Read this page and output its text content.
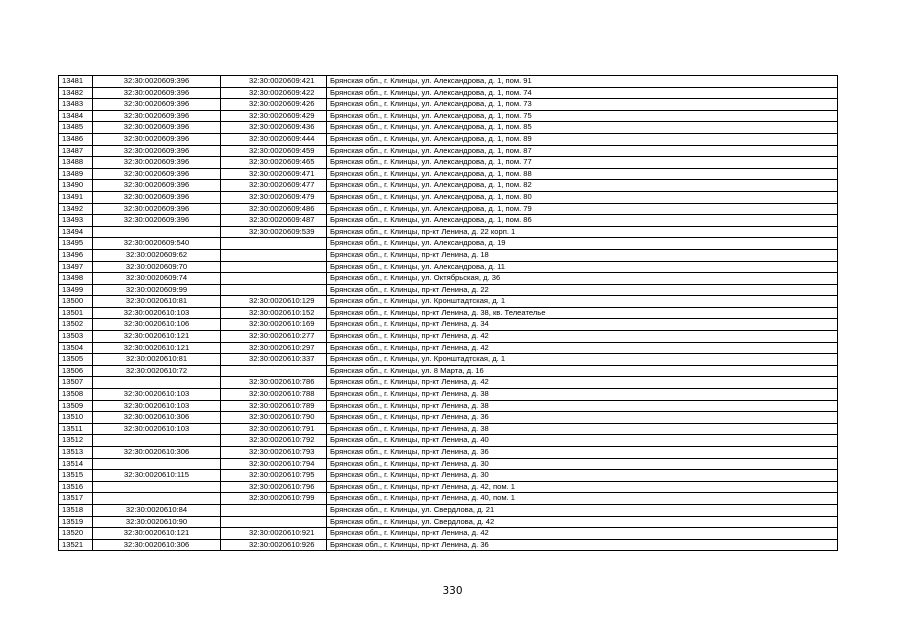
13481	32:30:0020609:396	32:30:0020609:421	Брянская обл., г. Клинцы, ул. Александрова, д. 1, пом. 91
13482	32:30:0020609:396	32:30:0020609:422	Брянская обл., г. Клинцы, ул. Александрова, д. 1, пом. 74
13483	32:30:0020609:396	32:30:0020609:426	Брянская обл., г. Клинцы, ул. Александрова, д. 1, пом. 73
13484	32:30:0020609:396	32:30:0020609:429	Брянская обл., г. Клинцы, ул. Александрова, д. 1, пом. 75
13485	32:30:0020609:396	32:30:0020609:436	Брянская обл., г. Клинцы, ул. Александрова, д. 1, пом. 85
13486	32:30:0020609:396	32:30:0020609:444	Брянская обл., г. Клинцы, ул. Александрова, д. 1, пом. 89
13487	32:30:0020609:396	32:30:0020609:459	Брянская обл., г. Клинцы, ул. Александрова, д. 1, пом. 87
13488	32:30:0020609:396	32:30:0020609:465	Брянская обл., г. Клинцы, ул. Александрова, д. 1, пом. 77
13489	32:30:0020609:396	32:30:0020609:471	Брянская обл., г. Клинцы, ул. Александрова, д. 1, пом. 88
13490	32:30:0020609:396	32:30:0020609:477	Брянская обл., г. Клинцы, ул. Александрова, д. 1, пом. 82
13491	32:30:0020609:396	32:30:0020609:479	Брянская обл., г. Клинцы, ул. Александрова, д. 1, пом. 80
13492	32:30:0020609:396	32:30:0020609:486	Брянская обл., г. Клинцы, ул. Александрова, д. 1, пом. 79
13493	32:30:0020609:396	32:30:0020609:487	Брянская обл., г. Клинцы, ул. Александрова, д. 1, пом. 86
13494		32:30:0020609:539	Брянская обл., г. Клинцы, пр-кт Ленина, д. 22 корп. 1
13495	32:30:0020609:540		Брянская обл., г. Клинцы, ул. Александрова, д. 19
13496	32:30:0020609:62		Брянская обл., г. Клинцы, пр-кт Ленина, д. 18
13497	32:30:0020609:70		Брянская обл., г. Клинцы, ул. Александрова, д. 11
13498	32:30:0020609:74		Брянская обл., г. Клинцы, ул. Октябрьская, д. 36
13499	32:30:0020609:99		Брянская обл., г. Клинцы, пр-кт Ленина, д. 22
13500	32:30:0020610:81	32:30:0020610:129	Брянская обл., г. Клинцы, ул. Кронштадтская, д. 1
13501	32:30:0020610:103	32:30:0020610:152	Брянская обл., г. Клинцы, пр-кт Ленина, д. 38, кв. Телеателье
13502	32:30:0020610:106	32:30:0020610:169	Брянская обл., г. Клинцы, пр-кт Ленина, д. 34
13503	32:30:0020610:121	32:30:0020610:277	Брянская обл., г. Клинцы, пр-кт Ленина, д. 42
13504	32:30:0020610:121	32:30:0020610:297	Брянская обл., г. Клинцы, пр-кт Ленина, д. 42
13505	32:30:0020610:81	32:30:0020610:337	Брянская обл., г. Клинцы, ул. Кронштадтская, д. 1
13506	32:30:0020610:72		Брянская обл., г. Клинцы, ул. 8 Марта, д. 16
13507		32:30:0020610:786	Брянская обл., г. Клинцы, пр-кт Ленина, д. 42
13508	32:30:0020610:103	32:30:0020610:788	Брянская обл., г. Клинцы, пр-кт Ленина, д. 38
13509	32:30:0020610:103	32:30:0020610:789	Брянская обл., г. Клинцы, пр-кт Ленина, д. 38
13510	32:30:0020610:306	32:30:0020610:790	Брянская обл., г. Клинцы, пр-кт Ленина, д. 36
13511	32:30:0020610:103	32:30:0020610:791	Брянская обл., г. Клинцы, пр-кт Ленина, д. 38
13512		32:30:0020610:792	Брянская обл., г. Клинцы, пр-кт Ленина, д. 40
13513	32:30:0020610:306	32:30:0020610:793	Брянская обл., г. Клинцы, пр-кт Ленина, д. 36
13514		32:30:0020610:794	Брянская обл., г. Клинцы, пр-кт Ленина, д. 30
13515	32:30:0020610:115	32:30:0020610:795	Брянская обл., г. Клинцы, пр-кт Ленина, д. 30
13516		32:30:0020610:796	Брянская обл., г. Клинцы, пр-кт Ленина, д. 42, пом. 1
13517		32:30:0020610:799	Брянская обл., г. Клинцы, пр-кт Ленина, д. 40, пом. 1
13518	32:30:0020610:84		Брянская обл., г. Клинцы, ул. Свердлова, д. 21
13519	32:30:0020610:90		Брянская обл., г. Клинцы, ул. Свердлова, д. 42
13520	32:30:0020610:121	32:30:0020610:921	Брянская обл., г. Клинцы, пр-кт Ленина, д. 42
13521	32:30:0020610:306	32:30:0020610:926	Брянская обл., г. Клинцы, пр-кт Ленина, д. 36
330
